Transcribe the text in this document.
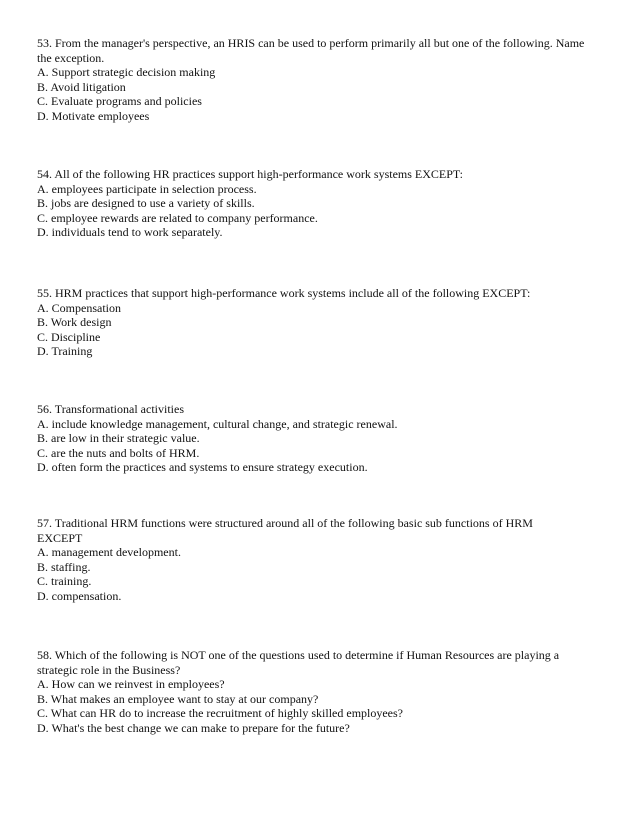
53. From the manager's perspective, an HRIS can be used to perform primarily all but one of the following. Name the exception.
A. Support strategic decision making
B. Avoid litigation
C. Evaluate programs and policies
D. Motivate employees
54. All of the following HR practices support high-performance work systems EXCEPT:
A. employees participate in selection process.
B. jobs are designed to use a variety of skills.
C. employee rewards are related to company performance.
D. individuals tend to work separately.
55. HRM practices that support high-performance work systems include all of the following EXCEPT:
A. Compensation
B. Work design
C. Discipline
D. Training
56. Transformational activities
A. include knowledge management, cultural change, and strategic renewal.
B. are low in their strategic value.
C. are the nuts and bolts of HRM.
D. often form the practices and systems to ensure strategy execution.
57. Traditional HRM functions were structured around all of the following basic sub functions of HRM EXCEPT
A. management development.
B. staffing.
C. training.
D. compensation.
58. Which of the following is NOT one of the questions used to determine if Human Resources are playing a strategic role in the Business?
A. How can we reinvest in employees?
B. What makes an employee want to stay at our company?
C. What can HR do to increase the recruitment of highly skilled employees?
D. What's the best change we can make to prepare for the future?
